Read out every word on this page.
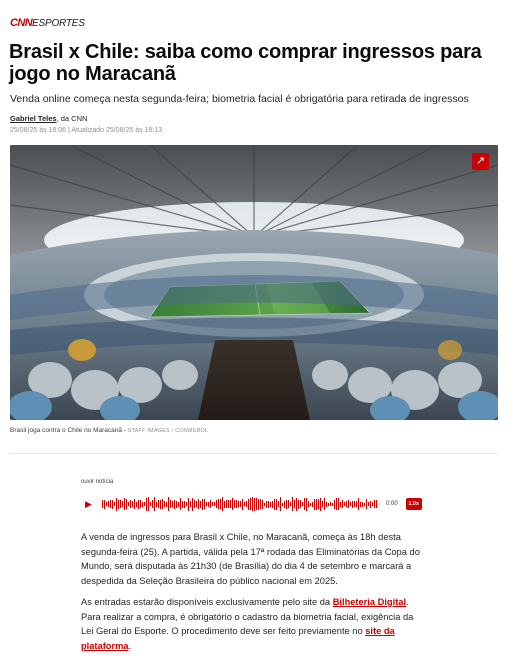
CNN ESPORTES
Brasil x Chile: saiba como comprar ingressos para jogo no Maracanã

Venda online começa nesta segunda-feira; biometria facial é obrigatória para retirada de ingressos

Gabriel Teles, da CNN
25/08/25 às 18:06 | Atualizado 25/08/25 às 18:13
↗
Brasil joga contra o Chile no Maracanã • STAFF IMAGES / CONMEBOL
ouvir notícia
▶	0:00	1.0x

A venda de ingressos para Brasil x Chile, no Maracanã, começa às 18h desta segunda-feira (25). A partida, válida pela 17ª rodada das Eliminatórias da Copa do Mundo, será disputada às 21h30 (de Brasília) do dia 4 de setembro e marcará a despedida da Seleção Brasileira do público nacional em 2025.

As entradas estarão disponíveis exclusivamente pelo site da Bilheteria Digital. Para realizar a compra, é obrigatório o cadastro da biometria facial, exigência da Lei Geral do Esporte. O procedimento deve ser feito previamente no site da plataforma.
